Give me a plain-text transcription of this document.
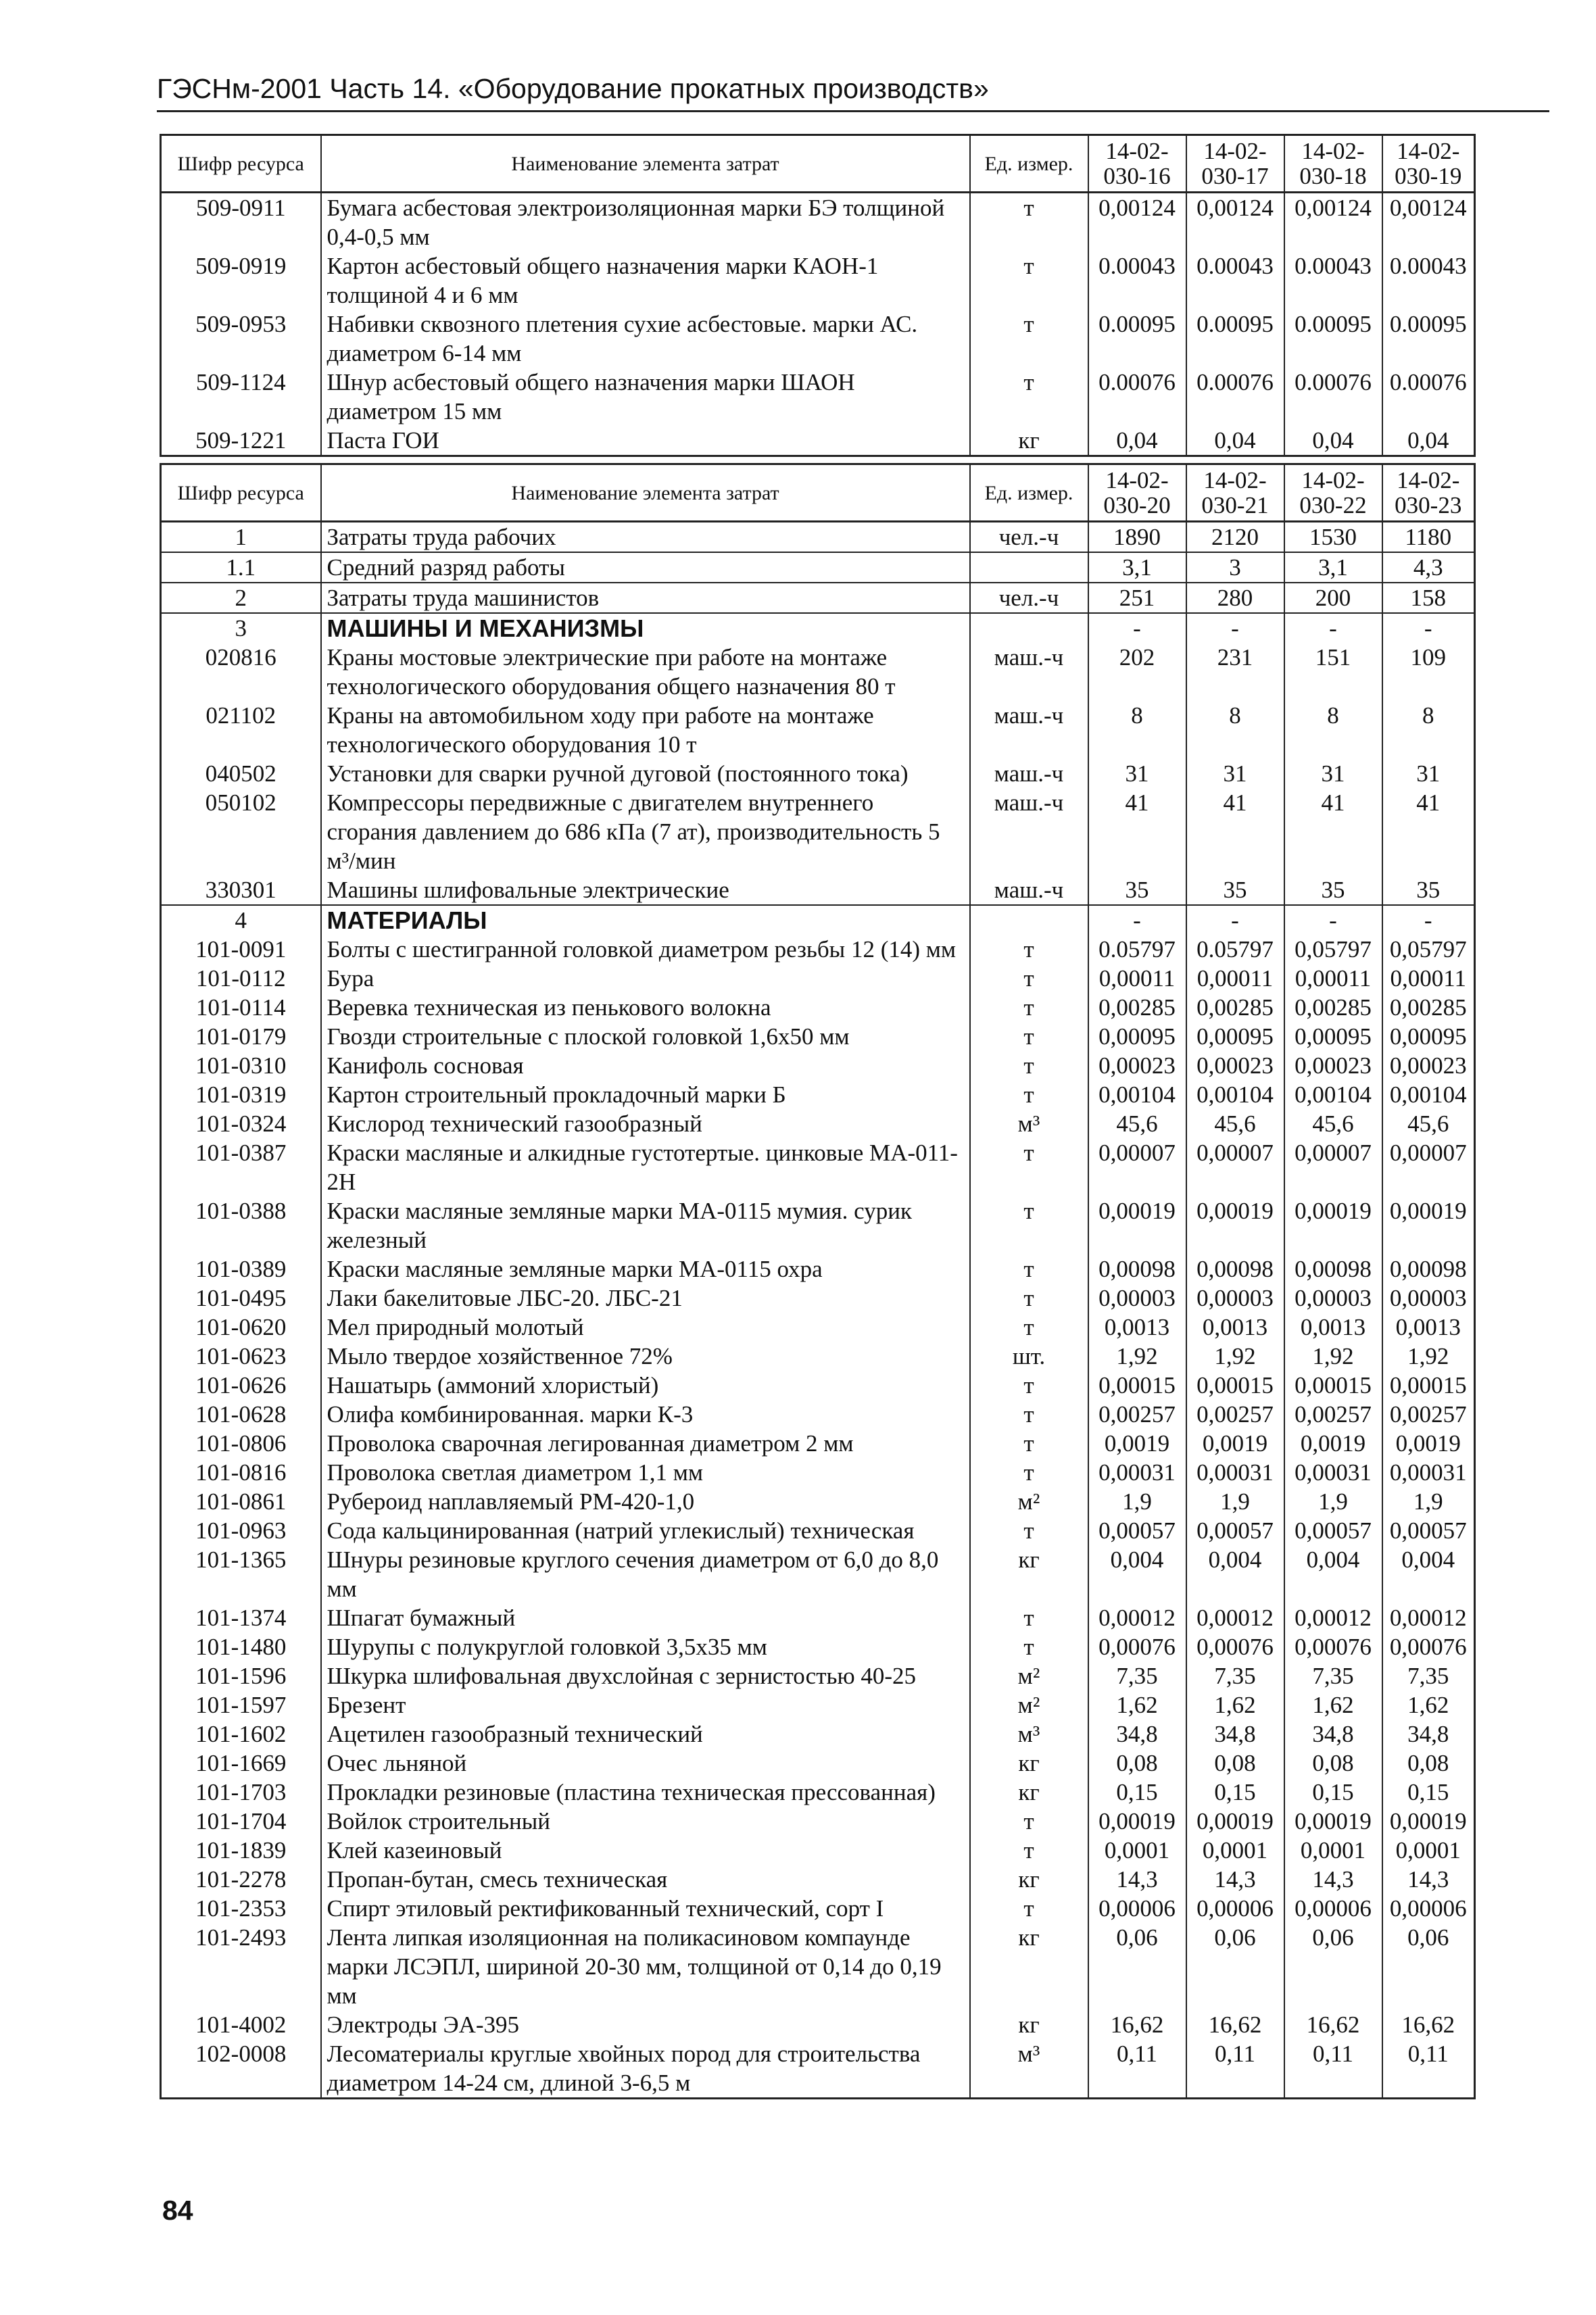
ГЭСНм-2001 Часть 14. «Оборудование прокатных производств»
Шифр ресурса	Наименование элемента затрат	Ед. измер.	14-02-030-16	14-02-030-17	14-02-030-18	14-02-030-19
509-0911	Бумага асбестовая электроизоляционная марки БЭ толщиной 0,4-0,5 мм	т	0,00124	0,00124	0,00124	0,00124
509-0919	Картон асбестовый общего назначения марки КАОН-1 толщиной 4 и 6 мм	т	0.00043	0.00043	0.00043	0.00043
509-0953	Набивки сквозного плетения сухие асбестовые. марки АС. диаметром 6-14 мм	т	0.00095	0.00095	0.00095	0.00095
509-1124	Шнур асбестовый общего назначения марки ШАОН диаметром 15 мм	т	0.00076	0.00076	0.00076	0.00076
509-1221	Паста ГОИ	кг	0,04	0,04	0,04	0,04
Шифр ресурса	Наименование элемента затрат	Ед. измер.	14-02-030-20	14-02-030-21	14-02-030-22	14-02-030-23
1	Затраты труда рабочих	чел.-ч	1890	2120	1530	1180
1.1	Средний разряд работы		3,1	3	3,1	4,3
2	Затраты труда машинистов	чел.-ч	251	280	200	158
3	МАШИНЫ И МЕХАНИЗМЫ		-	-	-	-
020816	Краны мостовые электрические при работе на монтаже технологического оборудования общего назначения 80 т	маш.-ч	202	231	151	109
021102	Краны на автомобильном ходу при работе на монтаже технологического оборудования 10 т	маш.-ч	8	8	8	8
040502	Установки для сварки ручной дуговой (постоянного тока)	маш.-ч	31	31	31	31
050102	Компрессоры передвижные с двигателем внутреннего сгорания давлением до 686 кПа (7 ат), производительность 5 м³/мин	маш.-ч	41	41	41	41
330301	Машины шлифовальные электрические	маш.-ч	35	35	35	35
4	МАТЕРИАЛЫ		-	-	-	-
101-0091	Болты с шестигранной головкой диаметром резьбы 12 (14) мм	т	0.05797	0.05797	0,05797	0,05797
101-0112	Бура	т	0,00011	0,00011	0,00011	0,00011
101-0114	Веревка техническая из пенькового волокна	т	0,00285	0,00285	0,00285	0,00285
101-0179	Гвозди строительные с плоской головкой 1,6х50 мм	т	0,00095	0,00095	0,00095	0,00095
101-0310	Канифоль сосновая	т	0,00023	0,00023	0,00023	0,00023
101-0319	Картон строительный прокладочный марки Б	т	0,00104	0,00104	0,00104	0,00104
101-0324	Кислород технический газообразный	м³	45,6	45,6	45,6	45,6
101-0387	Краски масляные и алкидные густотертые. цинковые МА-011-2Н	т	0,00007	0,00007	0,00007	0,00007
101-0388	Краски масляные земляные марки МА-0115 мумия. сурик железный	т	0,00019	0,00019	0,00019	0,00019
101-0389	Краски масляные земляные марки МА-0115 охра	т	0,00098	0,00098	0,00098	0,00098
101-0495	Лаки бакелитовые ЛБС-20. ЛБС-21	т	0,00003	0,00003	0,00003	0,00003
101-0620	Мел природный молотый	т	0,0013	0,0013	0,0013	0,0013
101-0623	Мыло твердое хозяйственное 72%	шт.	1,92	1,92	1,92	1,92
101-0626	Нашатырь (аммоний хлористый)	т	0,00015	0,00015	0,00015	0,00015
101-0628	Олифа комбинированная. марки К-3	т	0,00257	0,00257	0,00257	0,00257
101-0806	Проволока сварочная легированная диаметром 2 мм	т	0,0019	0,0019	0,0019	0,0019
101-0816	Проволока светлая диаметром 1,1 мм	т	0,00031	0,00031	0,00031	0,00031
101-0861	Рубероид наплавляемый РМ-420-1,0	м²	1,9	1,9	1,9	1,9
101-0963	Сода кальцинированная (натрий углекислый) техническая	т	0,00057	0,00057	0,00057	0,00057
101-1365	Шнуры резиновые круглого сечения диаметром от 6,0 до 8,0 мм	кг	0,004	0,004	0,004	0,004
101-1374	Шпагат бумажный	т	0,00012	0,00012	0,00012	0,00012
101-1480	Шурупы с полукруглой головкой 3,5х35 мм	т	0,00076	0,00076	0,00076	0,00076
101-1596	Шкурка шлифовальная двухслойная с зернистостью 40-25	м²	7,35	7,35	7,35	7,35
101-1597	Брезент	м²	1,62	1,62	1,62	1,62
101-1602	Ацетилен газообразный технический	м³	34,8	34,8	34,8	34,8
101-1669	Очес льняной	кг	0,08	0,08	0,08	0,08
101-1703	Прокладки резиновые (пластина техническая прессованная)	кг	0,15	0,15	0,15	0,15
101-1704	Войлок строительный	т	0,00019	0,00019	0,00019	0,00019
101-1839	Клей казеиновый	т	0,0001	0,0001	0,0001	0,0001
101-2278	Пропан-бутан, смесь техническая	кг	14,3	14,3	14,3	14,3
101-2353	Спирт этиловый ректификованный технический, сорт I	т	0,00006	0,00006	0,00006	0,00006
101-2493	Лента липкая изоляционная на поликасиновом компаунде марки ЛСЭПЛ, шириной 20-30 мм, толщиной от 0,14 до 0,19 мм	кг	0,06	0,06	0,06	0,06
101-4002	Электроды ЭА-395	кг	16,62	16,62	16,62	16,62
102-0008	Лесоматериалы круглые хвойных пород для строительства диаметром 14-24 см, длиной 3-6,5 м	м³	0,11	0,11	0,11	0,11
84
